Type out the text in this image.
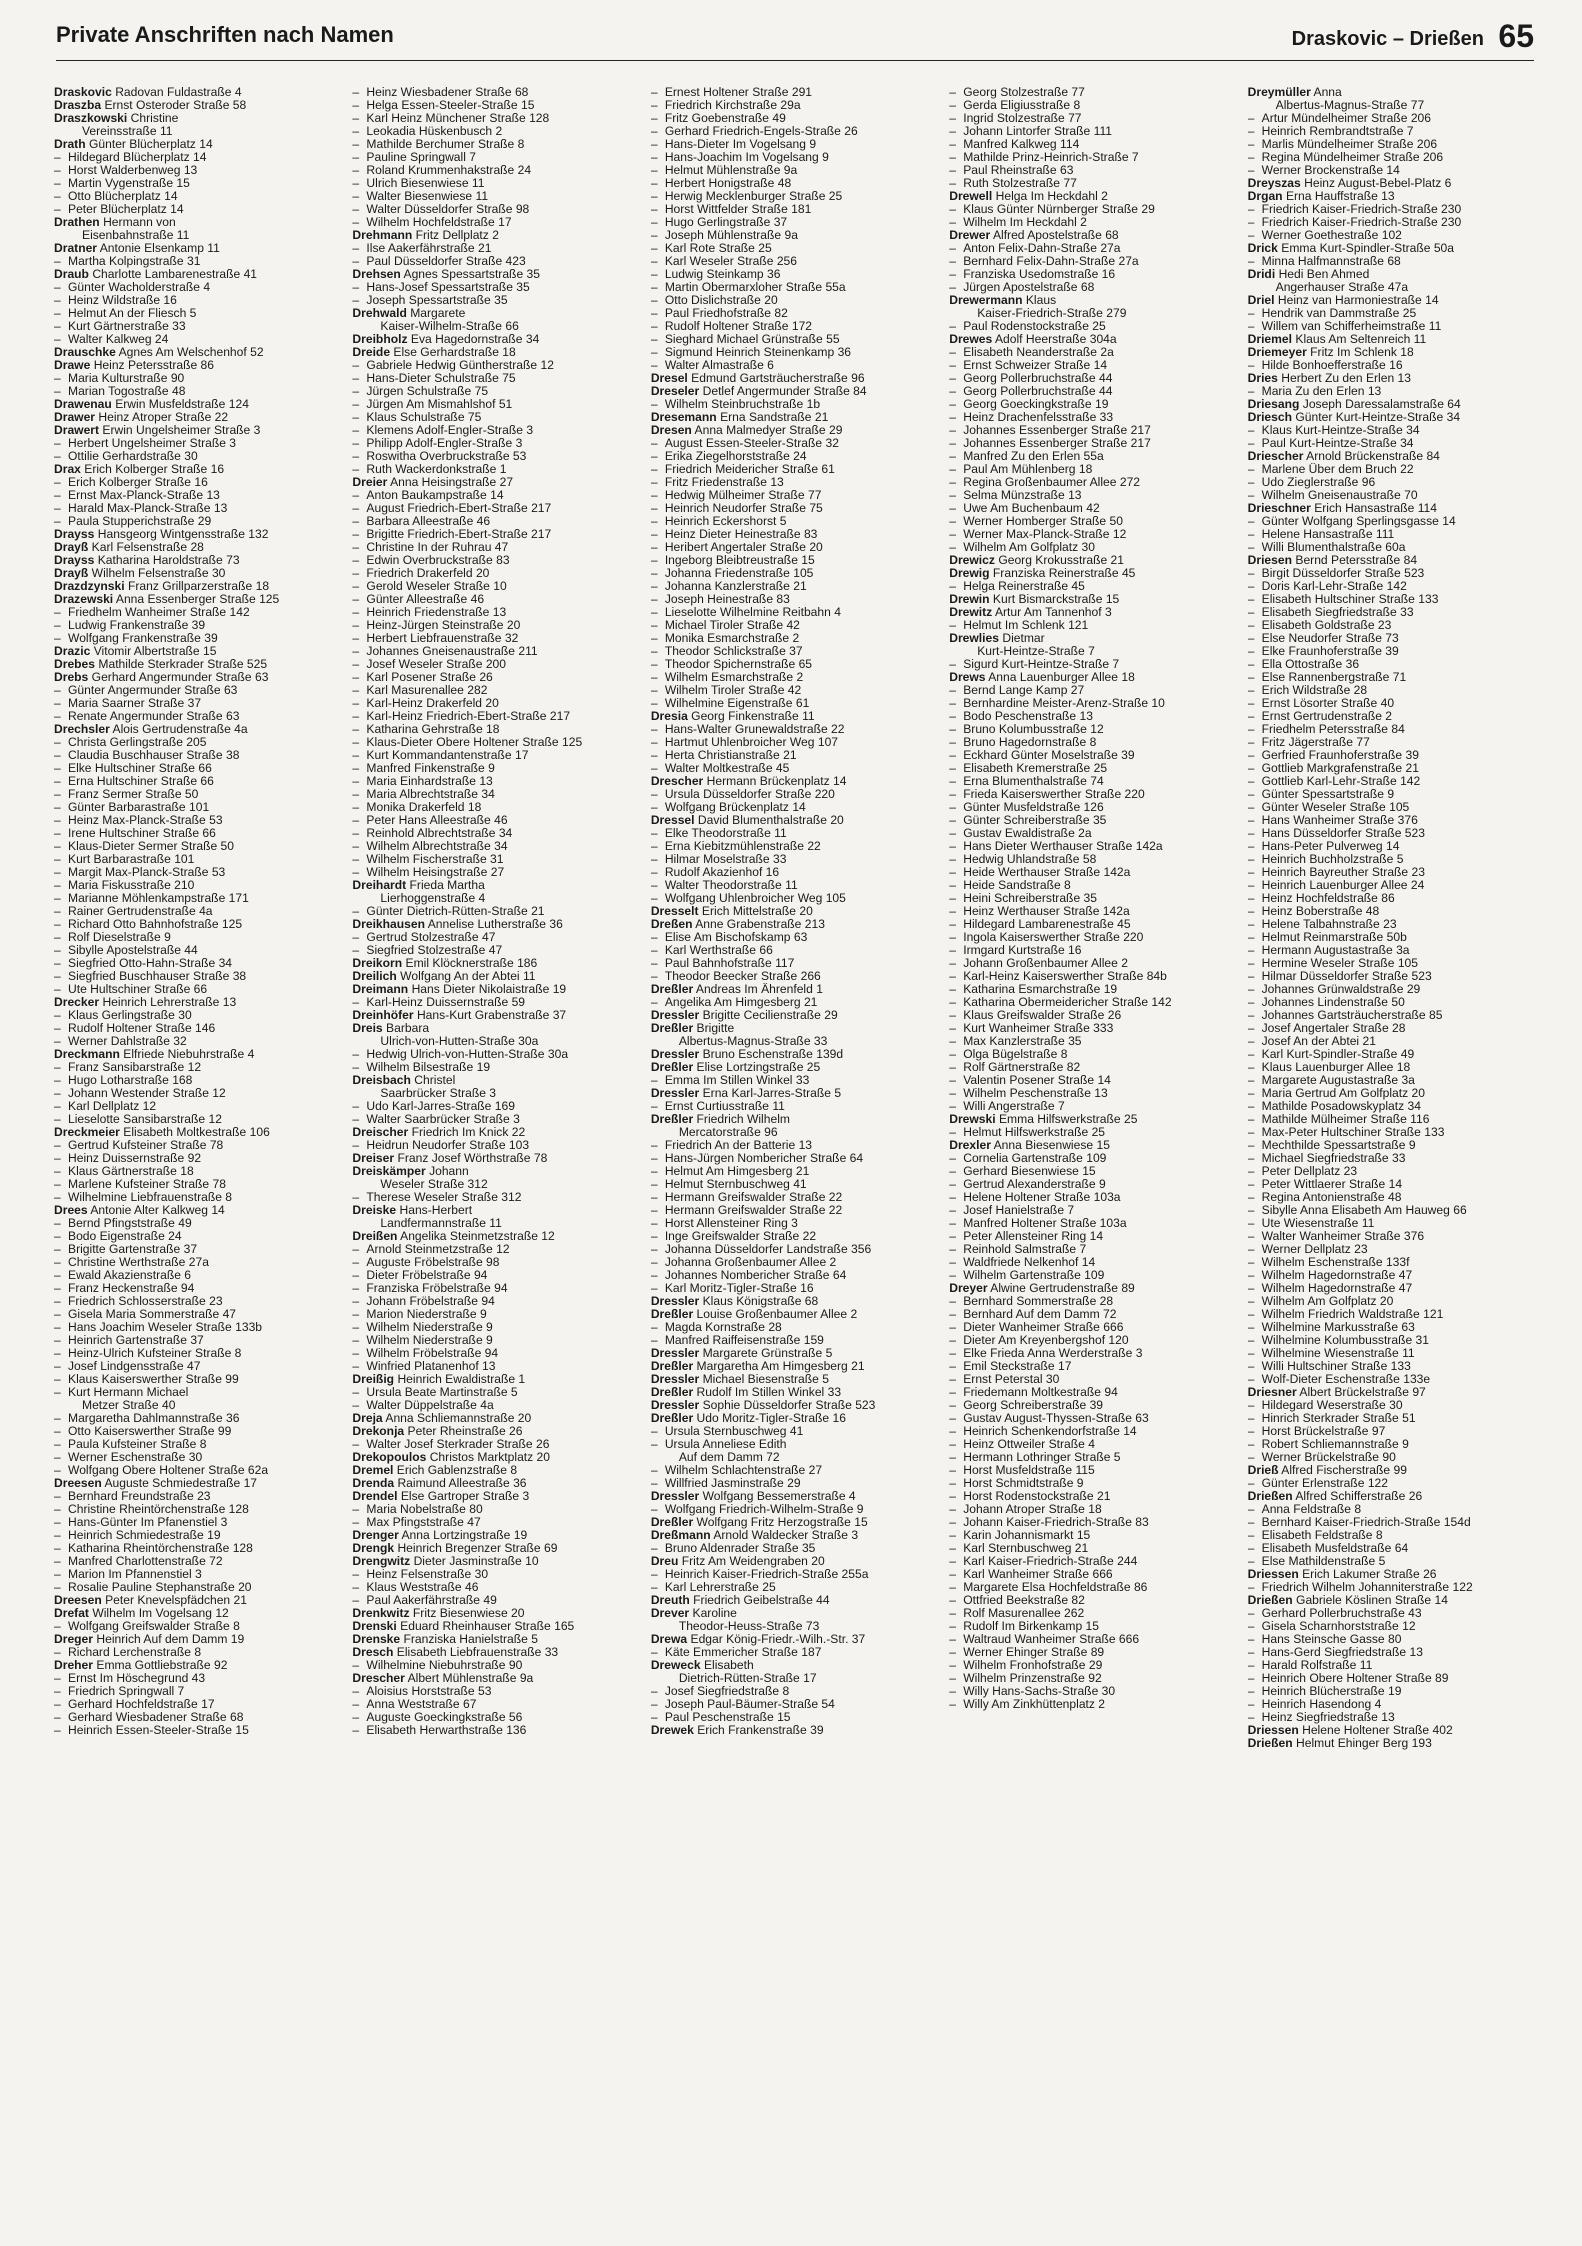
Private Anschriften nach Namen	Draskovic – Drießen 65
Draskovic Radovan Fuldastraße 4
Draszba Ernst Osteroder Straße 58
Draszkowski Christine
Vereinsstraße 11
Drath Günter Blücherplatz 14
– Hildegard Blücherplatz 14
– Horst Walderbenweg 13
– Martin Vygenstraße 15
– Otto Blücherplatz 14
– Peter Blücherplatz 14
Drathen Hermann von
Eisenbahnstraße 11
Dratner Antonie Elsenkamp 11
– Martha Kolpingstraße 31
Draub Charlotte Lambarenestraße 41
– Günter Wacholderstraße 4
– Heinz Wildstraße 16
– Helmut An der Fliesch 5
– Kurt Gärtnerstraße 33
– Walter Kalkweg 24
Drauschke Agnes Am Welschenhof 52
Drawe Heinz Petersstraße 86
– Maria Kulturstraße 90
– Marian Togostraße 48
Drawenau Erwin Musfeldstraße 124
Drawer Heinz Atroper Straße 22
Drawert Erwin Ungelsheimer Straße 3
– Herbert Ungelsheimer Straße 3
– Ottilie Gerhardstraße 30
Drax Erich Kolberger Straße 16
– Erich Kolberger Straße 16
– Ernst Max-Planck-Straße 13
– Harald Max-Planck-Straße 13
– Paula Stupperichstraße 29
Drayss Hansgeorg Wintgensstraße 132
Drayß Karl Felsenstraße 28
Drayss Katharina Haroldstraße 73
Drayß Wilhelm Felsenstraße 30
Drazdzynski Franz Grillparzerstraße 18
Drazewski Anna Essenberger Straße 125
– Friedhelm Wanheimer Straße 142
– Ludwig Frankenstraße 39
– Wolfgang Frankenstraße 39
Drazic Vitomir Albertstraße 15
Drebes Mathilde Sterkrader Straße 525
Drebs Gerhard Angermunder Straße 63
– Günter Angermunder Straße 63
– Maria Saarner Straße 37
– Renate Angermunder Straße 63
Drechsler Alois Gertrudenstraße 4a
– Christa Gerlingstraße 205
– Claudia Buschhauser Straße 38
– Elke Hultschiner Straße 66
– Erna Hultschiner Straße 66
– Franz Sermer Straße 50
– Günter Barbarastraße 101
– Heinz Max-Planck-Straße 53
– Irene Hultschiner Straße 66
– Klaus-Dieter Sermer Straße 50
– Kurt Barbarastraße 101
– Margit Max-Planck-Straße 53
– Maria Fiskusstraße 210
– Marianne Möhlenkampstraße 171
– Rainer Gertrudenstraße 4a
– Richard Otto Bahnhofstraße 125
– Rolf Dieselstraße 9
– Sibylle Apostelstraße 44
– Siegfried Otto-Hahn-Straße 34
– Siegfried Buschhauser Straße 38
– Ute Hultschiner Straße 66
Drecker Heinrich Lehrerstraße 13
– Klaus Gerlingstraße 30
– Rudolf Holtener Straße 146
– Werner Dahlstraße 32
Dreckmann Elfriede Niebuhrstraße 4
– Franz Sansibarstraße 12
– Hugo Lotharstraße 168
– Johann Westender Straße 12
– Karl Dellplatz 12
– Lieselotte Sansibarstraße 12
Dreckmeier Elisabeth Moltkestraße 106
– Gertrud Kufsteiner Straße 78
– Heinz Duissernstraße 92
– Klaus Gärtnerstraße 18
– Marlene Kufsteiner Straße 78
– Wilhelmine Liebfrauenstraße 8
Drees Antonie Alter Kalkweg 14
– Bernd Pfingststraße 49
– Bodo Eigenstraße 24
– Brigitte Gartenstraße 37
– Christine Werthstraße 27a
– Ewald Akazienstraße 6
– Franz Heckenstraße 94
– Friedrich Schlosserstraße 23
– Gisela Maria Sommerstraße 47
– Hans Joachim Weseler Straße 133b
– Heinrich Gartenstraße 37
– Heinz-Ulrich Kufsteiner Straße 8
– Josef Lindgensstraße 47
– Klaus Kaiserswerther Straße 99
– Kurt Hermann Michael
Metzer Straße 40
– Margaretha Dahlmannstraße 36
– Otto Kaiserswerther Straße 99
– Paula Kufsteiner Straße 8
– Werner Eschenstraße 30
– Wolfgang Obere Holtener Straße 62a
Dreesen Auguste Schmiedestraße 17
– Bernhard Freundstraße 23
– Christine Rheintörchenstraße 128
– Hans-Günter Im Pfanenstiel 3
– Heinrich Schmiedestraße 19
– Katharina Rheintörchenstraße 128
– Manfred Charlottenstraße 72
– Marion Im Pfannenstiel 3
– Rosalie Pauline Stephanstraße 20
Dreesen Peter Knevelspfädchen 21
Drefat Wilhelm Im Vogelsang 12
– Wolfgang Greifswalder Straße 8
Dreger Heinrich Auf dem Damm 19
– Richard Lerchenstraße 8
Dreher Emma Gottliebstraße 92
– Ernst Im Höschegrund 43
– Friedrich Springwall 7
– Gerhard Hochfeldstraße 17
– Gerhard Wiesbadener Straße 68
– Heinrich Essen-Steeler-Straße 15
– Heinz Wiesbadener Straße 68
– Helga Essen-Steeler-Straße 15
– Karl Heinz Münchener Straße 128
– Leokadia Hüskenbusch 2
– Mathilde Berchumer Straße 8
– Pauline Springwall 7
– Roland Krummenhakstraße 24
– Ulrich Biesenwiese 11
– Walter Biesenwiese 11
– Walter Düsseldorfer Straße 98
– Wilhelm Hochfeldstraße 17
Drehmann Fritz Dellplatz 2
– Ilse Aakerfährstraße 21
– Paul Düsseldorfer Straße 423
Drehsen Agnes Spessartstraße 35
– Hans-Josef Spessartstraße 35
– Joseph Spessartstraße 35
Drehwald Margarete
Kaiser-Wilhelm-Straße 66
Dreibholz Eva Hagedornstraße 34
Dreide Else Gerhardstraße 18
– Gabriele Hedwig Güntherstraße 12
– Hans-Dieter Schulstraße 75
– Jürgen Schulstraße 75
– Jürgen Am Mismahlshof 51
– Klaus Schulstraße 75
– Klemens Adolf-Engler-Straße 3
– Philipp Adolf-Engler-Straße 3
– Roswitha Overbruckstraße 53
– Ruth Wackerdonkstraße 1
Dreier Anna Heisingstraße 27
– Anton Baukampstraße 14
– August Friedrich-Ebert-Straße 217
– Barbara Alleestraße 46
– Brigitte Friedrich-Ebert-Straße 217
– Christine In der Ruhrau 47
– Edwin Overbruckstraße 83
– Friedrich Drakerfeld 20
– Gerold Weseler Straße 10
– Günter Alleestraße 46
– Heinrich Friedenstraße 13
– Heinz-Jürgen Steinstraße 20
– Herbert Liebfrauenstraße 32
– Johannes Gneisenaustraße 211
– Josef Weseler Straße 200
– Karl Posener Straße 26
– Karl Masurenallee 282
– Karl-Heinz Drakerfeld 20
– Karl-Heinz Friedrich-Ebert-Straße 217
– Katharina Gehrstraße 18
– Klaus-Dieter Obere Holtener Straße 125
– Kurt Kommandantenstraße 17
– Manfred Finkenstraße 9
– Maria Einhardstraße 13
– Maria Albrechtstraße 34
– Monika Drakerfeld 18
– Peter Hans Alleestraße 46
– Reinhold Albrechtstraße 34
– Wilhelm Albrechtstraße 34
– Wilhelm Fischerstraße 31
– Wilhelm Heisingstraße 27
Dreihardt Frieda Martha
Lierhoggenstraße 4
– Günter Dietrich-Rütten-Straße 21
Dreikhausen Annelise Lutherstraße 36
– Gertrud Stolzestraße 47
– Siegfried Stolzestraße 47
Dreikorn Emil Klöcknerstraße 186
Dreilich Wolfgang An der Abtei 11
Dreimann Hans Dieter Nikolaistraße 19
– Karl-Heinz Duissernstraße 59
Dreinhöfer Hans-Kurt Grabenstraße 37
Dreis Barbara
Ulrich-von-Hutten-Straße 30a
– Hedwig Ulrich-von-Hutten-Straße 30a
– Wilhelm Bilsestraße 19
Dreisbach Christel
Saarbrücker Straße 3
– Udo Karl-Jarres-Straße 169
– Walter Saarbrücker Straße 3
Dreischer Friedrich Im Knick 22
– Heidrun Neudorfer Straße 103
Dreiser Franz Josef Wörthstraße 78
Dreiskämper Johann
Weseler Straße 312
– Therese Weseler Straße 312
Dreiske Hans-Herbert
Landfermannstraße 11
Dreißen Angelika Steinmetzstraße 12
– Arnold Steinmetzstraße 12
– Auguste Fröbelstraße 98
– Dieter Fröbelstraße 94
– Franziska Fröbelstraße 94
– Johann Fröbelstraße 94
– Marion Niederstraße 9
– Wilhelm Niederstraße 9
– Wilhelm Niederstraße 9
– Wilhelm Fröbelstraße 94
– Winfried Platanenhof 13
Dreißig Heinrich Ewaldistraße 1
– Ursula Beate Martinstraße 5
– Walter Düppelstraße 4a
Dreja Anna Schliemannstraße 20
Drekonja Peter Rheinstraße 26
– Walter Josef Sterkrader Straße 26
Drekopoulos Christos Marktplatz 20
Dremel Erich Gablenzstraße 8
Drendа Raimund Alleestraße 36
Drendel Else Gartroper Straße 3
– Maria Nobelstraße 80
– Max Pfingststraße 47
Drenger Anna Lortzingstraße 19
Drengk Heinrich Bregenzer Straße 69
Drengwitz Dieter Jasminstraße 10
– Heinz Felsenstraße 30
– Klaus Weststraße 46
– Paul Aakerfährstraße 49
Drenkwitz Fritz Biesenwiese 20
Drenski Eduard Rheinhauser Straße 165
Drenske Franziska Hanielstraße 5
Dresch Elisabeth Liebfrauenstraße 33
– Wilhelmine Niebuhrstraße 90
Drescher Albert Mühlenstraße 9a
– Aloisius Horststraße 53
– Anna Weststraße 67
– Auguste Goeckingkstraße 56
– Elisabeth Herwarthstraße 136
– Ernest Holtener Straße 291
– Friedrich Kirchstraße 29a
– Fritz Goebenstraße 49
– Gerhard Friedrich-Engels-Straße 26
– Hans-Dieter Im Vogelsang 9
– Hans-Joachim Im Vogelsang 9
– Helmut Mühlenstraße 9a
– Herbert Honigstraße 48
– Herwig Mecklenburger Straße 25
– Horst Wittfelder Straße 181
– Hugo Gerlingstraße 37
– Joseph Mühlenstraße 9a
– Karl Rote Straße 25
– Karl Weseler Straße 256
– Ludwig Steinkamp 36
– Martin Obermarxloher Straße 55a
– Otto Dislichstraße 20
– Paul Friedhofstraße 82
– Rudolf Holtener Straße 172
– Sieghard Michael Grünstraße 55
– Sigmund Heinrich Steinenkamp 36
– Walter Almastraße 6
Dresel Edmund Gartsträucherstraße 96
Dreseler Detlef Angermunder Straße 84
– Wilhelm Steinbruchstraße 1b
Dresemann Erna Sandstraße 21
Dresen Anna Malmedyer Straße 29
– August Essen-Steeler-Straße 32
– Erika Ziegelhorststraße 24
– Friedrich Meidericher Straße 61
– Fritz Friedenstraße 13
– Hedwig Mülheimer Straße 77
– Heinrich Neudorfer Straße 75
– Heinrich Eckershorst 5
– Heinz Dieter Heinestraße 83
– Heribert Angertaler Straße 20
– Ingeborg Bleibtreustraße 15
– Johanna Friedenstraße 105
– Johanna Kanzlerstraße 21
– Joseph Heinestraße 83
– Lieselotte Wilhelmine Reitbahn 4
– Michael Tiroler Straße 42
– Monika Esmarchstraße 2
– Theodor Schlickstraße 37
– Theodor Spichernstraße 65
– Wilhelm Esmarchstraße 2
– Wilhelm Tiroler Straße 42
– Wilhelmine Eigenstraße 61
Dresia Georg Finkenstraße 11
– Hans-Walter Grunewaldstraße 22
– Hartmut Uhlenbroicher Weg 107
– Herta Christianstraße 21
– Walter Moltkestraße 45
Drescher Hermann Brückenplatz 14
– Ursula Düsseldorfer Straße 220
– Wolfgang Brückenplatz 14
Dressel David Blumenthalstraße 20
– Elke Theodorstraße 11
– Erna Kiebitzmühlenstraße 22
– Hilmar Moselstraße 33
– Rudolf Akazienhof 16
– Walter Theodorstraße 11
– Wolfgang Uhlenbroicher Weg 105
Dresselt Erich Mittelstraße 20
Dreßen Anne Grabenstraße 213
– Elise Am Bischofskamp 63
– Karl Werthstraße 66
– Paul Bahnhofstraße 117
– Theodor Beecker Straße 266
Dreßler Andreas Im Ährenfeld 1
– Angelika Am Himgesberg 21
Dressler Brigitte Cecilienstraße 29
Dreßler Brigitte
Albertus-Magnus-Straße 33
Dressler Bruno Eschenstraße 139d
Dreßler Elise Lortzingstraße 25
– Emma Im Stillen Winkel 33
Dressler Erna Karl-Jarres-Straße 5
– Ernst Curtiusstraße 11
Dreßler Friedrich Wilhelm
Mercatorstraße 96
– Friedrich An der Batterie 13
– Hans-Jürgen Nombericher Straße 64
– Helmut Am Himgesberg 21
– Helmut Sternbuschweg 41
– Hermann Greifswalder Straße 22
– Hermann Greifswalder Straße 22
– Horst Allensteiner Ring 3
– Inge Greifswalder Straße 22
– Johanna Düsseldorfer Landstraße 356
– Johanna Großenbaumer Allee 2
– Johannes Nombericher Straße 64
– Karl Moritz-Tigler-Straße 16
Dressler Klaus Königstraße 68
Dreßler Louise Großenbaumer Allee 2
– Magda Kornstraße 28
– Manfred Raiffeisenstraße 159
Dressler Margarete Grünstraße 5
Dreßler Margaretha Am Himgesberg 21
Dressler Michael Biesenstraße 5
Dreßler Rudolf Im Stillen Winkel 33
Dressler Sophie Düsseldorfer Straße 523
Dreßler Udo Moritz-Tigler-Straße 16
– Ursula Sternbuschweg 41
– Ursula Anneliese Edith
Auf dem Damm 72
– Wilhelm Schlachtenstraße 27
– Willfried Jasminstraße 29
Dressler Wolfgang Bessemerstraße 4
– Wolfgang Friedrich-Wilhelm-Straße 9
Dreßler Wolfgang Fritz Herzogstraße 15
Dreßmann Arnold Waldecker Straße 3
– Bruno Aldenrader Straße 35
Dreu Fritz Am Weidengraben 20
– Heinrich Kaiser-Friedrich-Straße 255a
– Karl Lehrerstraße 25
Dreuth Friedrich Geibelstraße 44
Drever Karoline
Theodor-Heuss-Straße 73
Drewa Edgar König-Friedr.-Wilh.-Str. 37
– Käte Emmericher Straße 187
Dreweck Elisabeth
Dietrich-Rütten-Straße 17
– Josef Siegfriedstraße 8
– Joseph Paul-Bäumer-Straße 54
– Paul Peschenstraße 15
Drewek Erich Frankenstraße 39
– Georg Stolzestraße 77
– Gerda Eligiusstraße 8
– Ingrid Stolzestraße 77
– Johann Lintorfer Straße 111
– Manfred Kalkweg 114
– Mathilde Prinz-Heinrich-Straße 7
– Paul Rheinstraße 63
– Ruth Stolzestraße 77
Drewell Helga Im Heckdahl 2
– Klaus Günter Nürnberger Straße 29
– Wilhelm Im Heckdahl 2
Drewer Alfred Apostelstraße 68
– Anton Felix-Dahn-Straße 27a
– Bernhard Felix-Dahn-Straße 27a
– Franziska Usedomstraße 16
– Jürgen Apostelstraße 68
Drewermann Klaus
Kaiser-Friedrich-Straße 279
– Paul Rodenstockstraße 25
Drewes Adolf Heerstraße 304a
– Elisabeth Neanderstraße 2a
– Ernst Schweizer Straße 14
– Georg Pollerbruchstraße 44
– Georg Pollerbruchstraße 44
– Georg Goeckingkstraße 19
– Heinz Drachenfelsstraße 33
– Johannes Essenberger Straße 217
– Johannes Essenberger Straße 217
– Manfred Zu den Erlen 55a
– Paul Am Mühlenberg 18
– Regina Großenbaumer Allee 272
– Selma Münzstraße 13
– Uwe Am Buchenbaum 42
– Werner Homberger Straße 50
– Werner Max-Planck-Straße 12
– Wilhelm Am Golfplatz 30
Drewicz Georg Krokusstraße 21
Drewig Franziska Reinerstraße 45
– Helga Reinerstraße 45
Drewin Kurt Bismarckstraße 15
Drewitz Artur Am Tannenhof 3
– Helmut Im Schlenk 121
Drewlies Dietmar
Kurt-Heintze-Straße 7
– Sigurd Kurt-Heintze-Straße 7
Drews Anna Lauenburger Allee 18
– Bernd Lange Kamp 27
– Bernhardine Meister-Arenz-Straße 10
– Bodo Peschenstraße 13
– Bruno Kolumbusstraße 12
– Bruno Hagedornstraße 8
– Eckhard Günter Moselstraße 39
– Elisabeth Kremerstraße 25
– Erna Blumenthalstraße 74
– Frieda Kaiserswerther Straße 220
– Günter Musfeldstraße 126
– Günter Schreiberstraße 35
– Gustav Ewaldistraße 2a
– Hans Dieter Werthauser Straße 142a
– Hedwig Uhlandstraße 58
– Heide Werthauser Straße 142a
– Heide Sandstraße 8
– Heini Schreiberstraße 35
– Heinz Werthauser Straße 142a
– Hildegard Lambarenestraße 45
– Ingola Kaiserswerther Straße 220
– Irmgard Kurtstraße 16
– Johann Großenbaumer Allee 2
– Karl-Heinz Kaiserswerther Straße 84b
– Katharina Esmarchstraße 19
– Katharina Obermeidericher Straße 142
– Klaus Greifswalder Straße 26
– Kurt Wanheimer Straße 333
– Max Kanzlerstraße 35
– Olga Bügelstraße 8
– Rolf Gärtnerstraße 82
– Valentin Posener Straße 14
– Wilhelm Peschenstraße 13
– Willi Angerstraße 7
Drewski Emma Hilfswerkstraße 25
– Helmut Hilfswerkstraße 25
Drexler Anna Biesenwiese 15
– Cornelia Gartenstraße 109
– Gerhard Biesenwiese 15
– Gertrud Alexanderstraße 9
– Helene Holtener Straße 103a
– Josef Hanielstraße 7
– Manfred Holtener Straße 103a
– Peter Allensteiner Ring 14
– Reinhold Salmstraße 7
– Waldfriede Nelkenhof 14
– Wilhelm Gartenstraße 109
Dreyer Alwine Gertrudenstraße 89
– Bernhard Sommerstraße 28
– Bernhard Auf dem Damm 72
– Dieter Wanheimer Straße 666
– Dieter Am Kreyenbergshof 120
– Elke Frieda Anna Werderstraße 3
– Emil Steckstraße 17
– Ernst Peterstal 30
– Friedemann Moltkestraße 94
– Georg Schreiberstraße 39
– Gustav August-Thyssen-Straße 63
– Heinrich Schenkendorfstraße 14
– Heinz Ottweiler Straße 4
– Hermann Lothringer Straße 5
– Horst Musfeldstraße 115
– Horst Schmidtstraße 9
– Horst Rodenstockstraße 21
– Johann Atroper Straße 18
– Johann Kaiser-Friedrich-Straße 83
– Karin Johannismarkt 15
– Karl Sternbuschweg 21
– Karl Kaiser-Friedrich-Straße 244
– Karl Wanheimer Straße 666
– Margarete Elsa Hochfeldstraße 86
– Ottfried Beekstraße 82
– Rolf Masurenallee 262
– Rudolf Im Birkenkamp 15
– Waltraud Wanheimer Straße 666
– Werner Ehinger Straße 89
– Wilhelm Fronhofstraße 29
– Wilhelm Prinzenstraße 92
– Willy Hans-Sachs-Straße 30
– Willy Am Zinkhüttenplatz 2
Dreymüller Anna
Albertus-Magnus-Straße 77
– Artur Mündelheimer Straße 206
– Heinrich Rembrandtstraße 7
– Marlis Mündelheimer Straße 206
– Regina Mündelheimer Straße 206
– Werner Brockenstraße 14
Dreyszas Heinz August-Bebel-Platz 6
Drgan Erna Hauffstraße 13
– Friedrich Kaiser-Friedrich-Straße 230
– Friedrich Kaiser-Friedrich-Straße 230
– Werner Goethestraße 102
Drick Emma Kurt-Spindler-Straße 50a
– Minna Halfmannstraße 68
Dridi Hedi Ben Ahmed
Angerhauser Straße 47a
Driel Heinz van Harmoniestraße 14
– Hendrik van Dammstraße 25
– Willem van Schifferheimstraße 11
Driemel Klaus Am Seltenreich 11
Driemeyer Fritz Im Schlenk 18
– Hilde Bonhoefferstraße 16
Dries Herbert Zu den Erlen 13
– Maria Zu den Erlen 13
Driesang Joseph Daressalamstraße 64
Driesch Günter Kurt-Heintze-Straße 34
– Klaus Kurt-Heintze-Straße 34
– Paul Kurt-Heintze-Straße 34
Driescher Arnold Brückenstraße 84
– Marlene Über dem Bruch 22
– Udo Zieglerstraße 96
– Wilhelm Gneisenaustraße 70
Drieschner Erich Hansastraße 114
– Günter Wolfgang Sperlingsgasse 14
– Helene Hansastraße 111
– Willi Blumenthalstraße 60a
Driesen Bernd Petersstraße 84
– Birgit Düsseldorfer Straße 523
– Doris Karl-Lehr-Straße 142
– Elisabeth Hultschiner Straße 133
– Elisabeth Siegfriedstraße 33
– Elisabeth Goldstraße 23
– Else Neudorfer Straße 73
– Elke Fraunhoferstraße 39
– Ella Ottostraße 36
– Else Rannenbergstraße 71
– Erich Wildstraße 28
– Ernst Lösorter Straße 40
– Ernst Gertrudenstraße 2
– Friedhelm Petersstraße 84
– Fritz Jägerstraße 77
– Gerfried Fraunhoferstraße 39
– Gottlieb Markgrafenstraße 21
– Gottlieb Karl-Lehr-Straße 142
– Günter Spessartstraße 9
– Günter Weseler Straße 105
– Hans Wanheimer Straße 376
– Hans Düsseldorfer Straße 523
– Hans-Peter Pulverweg 14
– Heinrich Buchholzstraße 5
– Heinrich Bayreuther Straße 23
– Heinrich Lauenburger Allee 24
– Heinz Hochfeldstraße 86
– Heinz Boberstraße 48
– Helene Talbahnstraße 23
– Helmut Reinmarstraße 50b
– Hermann Augustastraße 3a
– Hermine Weseler Straße 105
– Hilmar Düsseldorfer Straße 523
– Johannes Grünwaldstraße 29
– Johannes Lindenstraße 50
– Johannes Gartsträucherstraße 85
– Josef Angertaler Straße 28
– Josef An der Abtei 21
– Karl Kurt-Spindler-Straße 49
– Klaus Lauenburger Allee 18
– Margarete Augustastraße 3a
– Maria Gertrud Am Golfplatz 20
– Mathilde Posadowskyplatz 34
– Mathilde Mülheimer Straße 116
– Max-Peter Hultschiner Straße 133
– Mechthilde Spessartstraße 9
– Michael Siegfriedstraße 33
– Peter Dellplatz 23
– Peter Wittlaerer Straße 14
– Regina Antonienstraße 48
– Sibylle Anna Elisabeth Am Hauweg 66
– Ute Wiesenstraße 11
– Walter Wanheimer Straße 376
– Werner Dellplatz 23
– Wilhelm Eschenstraße 133f
– Wilhelm Hagedornstraße 47
– Wilhelm Hagedornstraße 47
– Wilhelm Am Golfplatz 20
– Wilhelm Friedrich Waldstraße 121
– Wilhelmine Markusstraße 63
– Wilhelmine Kolumbusstraße 31
– Wilhelmine Wiesenstraße 11
– Willi Hultschiner Straße 133
– Wolf-Dieter Eschenstraße 133e
Driesner Albert Brückelstraße 97
– Hildegard Weserstraße 30
– Hinrich Sterkrader Straße 51
– Horst Brückelstraße 97
– Robert Schliemannstraße 9
– Werner Brückelstraße 90
Drieß Alfred Fischerstraße 99
– Günter Erlenstraße 122
Drießen Alfred Schifferstraße 26
– Anna Feldstraße 8
– Bernhard Kaiser-Friedrich-Straße 154d
– Elisabeth Feldstraße 8
– Elisabeth Musfeldstraße 64
– Else Mathildenstraße 5
Driessen Erich Lakumer Straße 26
– Friedrich Wilhelm Johanniterstraße 122
Drießen Gabriele Köslinen Straße 14
– Gerhard Pollerbruchstraße 43
– Gisela Scharnhorststraße 12
– Hans Steinsche Gasse 80
– Hans-Gerd Siegfriedstraße 13
– Harald Rolfstraße 11
– Heinrich Obere Holtener Straße 89
– Heinrich Blücherstraße 19
– Heinrich Hasendong 4
– Heinz Siegfriedstraße 13
Driessen Helene Holtener Straße 402
Drießen Helmut Ehinger Berg 193
